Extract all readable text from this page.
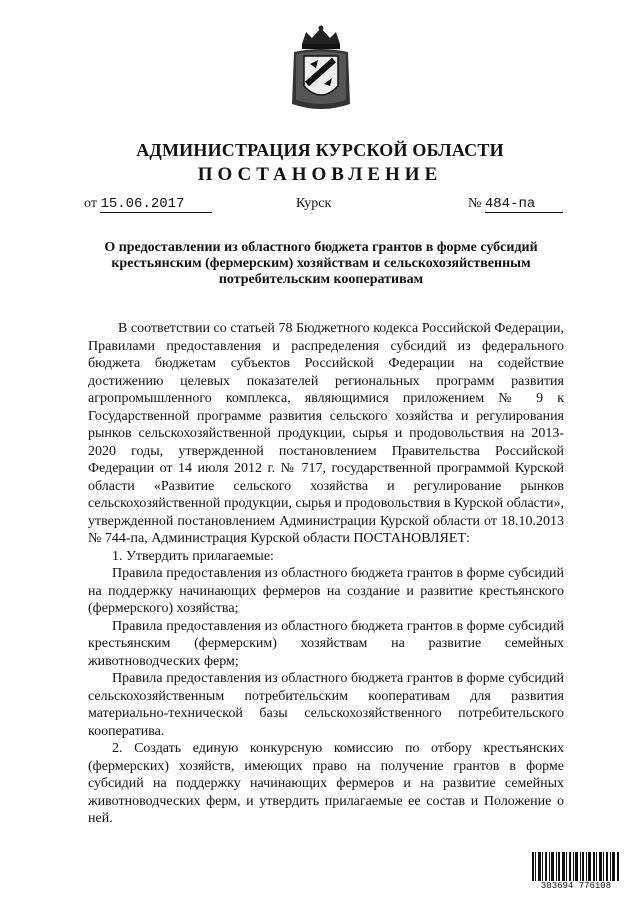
АДМИНИСТРАЦИЯ КУРСКОЙ ОБЛАСТИ
ПОСТАНОВЛЕНИЕ
от 15.06.2017	Курск	№ 484-па
О предоставлении из областного бюджета грантов в форме субсидий крестьянским (фермерским) хозяйствам и сельскохозяйственным потребительским кооперативам

В соответствии со статьей 78 Бюджетного кодекса Российской Федерации, Правилами предоставления и распределения субсидий из федерального бюджета бюджетам субъектов Российской Федерации на содействие достижению целевых показателей региональных программ развития агропромышленного комплекса, являющимися приложением № 9 к Государственной программе развития сельского хозяйства и регулирования рынков сельскохозяйственной продукции, сырья и продовольствия на 2013-2020 годы, утвержденной постановлением Правительства Российской Федерации от 14 июля 2012 г. № 717, государственной программой Курской области «Развитие сельского хозяйства и регулирование рынков сельскохозяйственной продукции, сырья и продовольствия в Курской области», утвержденной постановлением Администрации Курской области от 18.10.2013 № 744-па, Администрация Курской области ПОСТАНОВЛЯЕТ:

1. Утвердить прилагаемые:

Правила предоставления из областного бюджета грантов в форме субсидий на поддержку начинающих фермеров на создание и развитие крестьянского (фермерского) хозяйства;

Правила предоставления из областного бюджета грантов в форме субсидий крестьянским (фермерским) хозяйствам на развитие семейных животноводческих ферм;

Правила предоставления из областного бюджета грантов в форме субсидий сельскохозяйственным потребительским кооперативам для развития материально-технической базы сельскохозяйственного потребительского кооператива.

2. Создать единую конкурсную комиссию по отбору крестьянских (фермерских) хозяйств, имеющих право на получение грантов в форме субсидий на поддержку начинающих фермеров и на развитие семейных животноводческих ферм, и утвердить прилагаемые ее состав и Положение о ней.

303694 776108
